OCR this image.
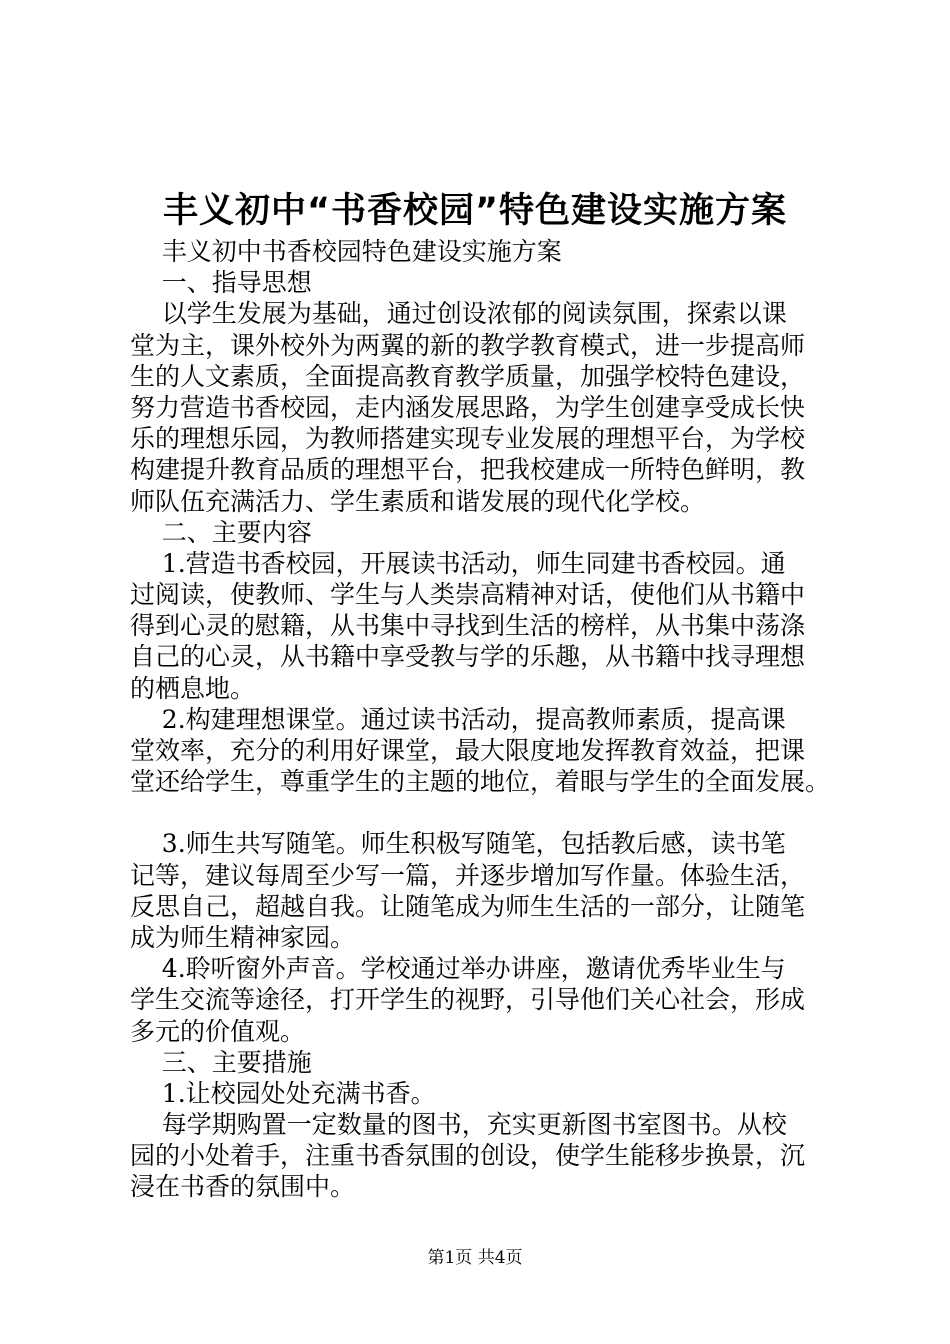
丰义初中“书香校园”特色建设实施方案
丰义初中书香校园特色建设实施方案
一、指导思想
以学生发展为基础，通过创设浓郁的阅读氛围，探索以课
堂为主，课外校外为两翼的新的教学教育模式，进一步提高师
生的人文素质，全面提高教育教学质量，加强学校特色建设，
努力营造书香校园，走内涵发展思路，为学生创建享受成长快
乐的理想乐园，为教师搭建实现专业发展的理想平台，为学校
构建提升教育品质的理想平台，把我校建成一所特色鲜明，教
师队伍充满活力、学生素质和谐发展的现代化学校。
二、主要内容
1.营造书香校园，开展读书活动，师生同建书香校园。通
过阅读，使教师、学生与人类崇高精神对话，使他们从书籍中
得到心灵的慰籍，从书集中寻找到生活的榜样，从书集中荡涤
自己的心灵，从书籍中享受教与学的乐趣，从书籍中找寻理想
的栖息地。
2.构建理想课堂。通过读书活动，提高教师素质，提高课
堂效率，充分的利用好课堂，最大限度地发挥教育效益，把课
堂还给学生，尊重学生的主题的地位，着眼与学生的全面发展。
3.师生共写随笔。师生积极写随笔，包括教后感，读书笔
记等，建议每周至少写一篇，并逐步增加写作量。体验生活，
反思自己，超越自我。让随笔成为师生生活的一部分，让随笔
成为师生精神家园。
4.聆听窗外声音。学校通过举办讲座，邀请优秀毕业生与
学生交流等途径，打开学生的视野，引导他们关心社会，形成
多元的价值观。
三、主要措施
1.让校园处处充满书香。
每学期购置一定数量的图书，充实更新图书室图书。从校
园的小处着手，注重书香氛围的创设，使学生能移步换景，沉
浸在书香的氛围中。
第1页 共4页
